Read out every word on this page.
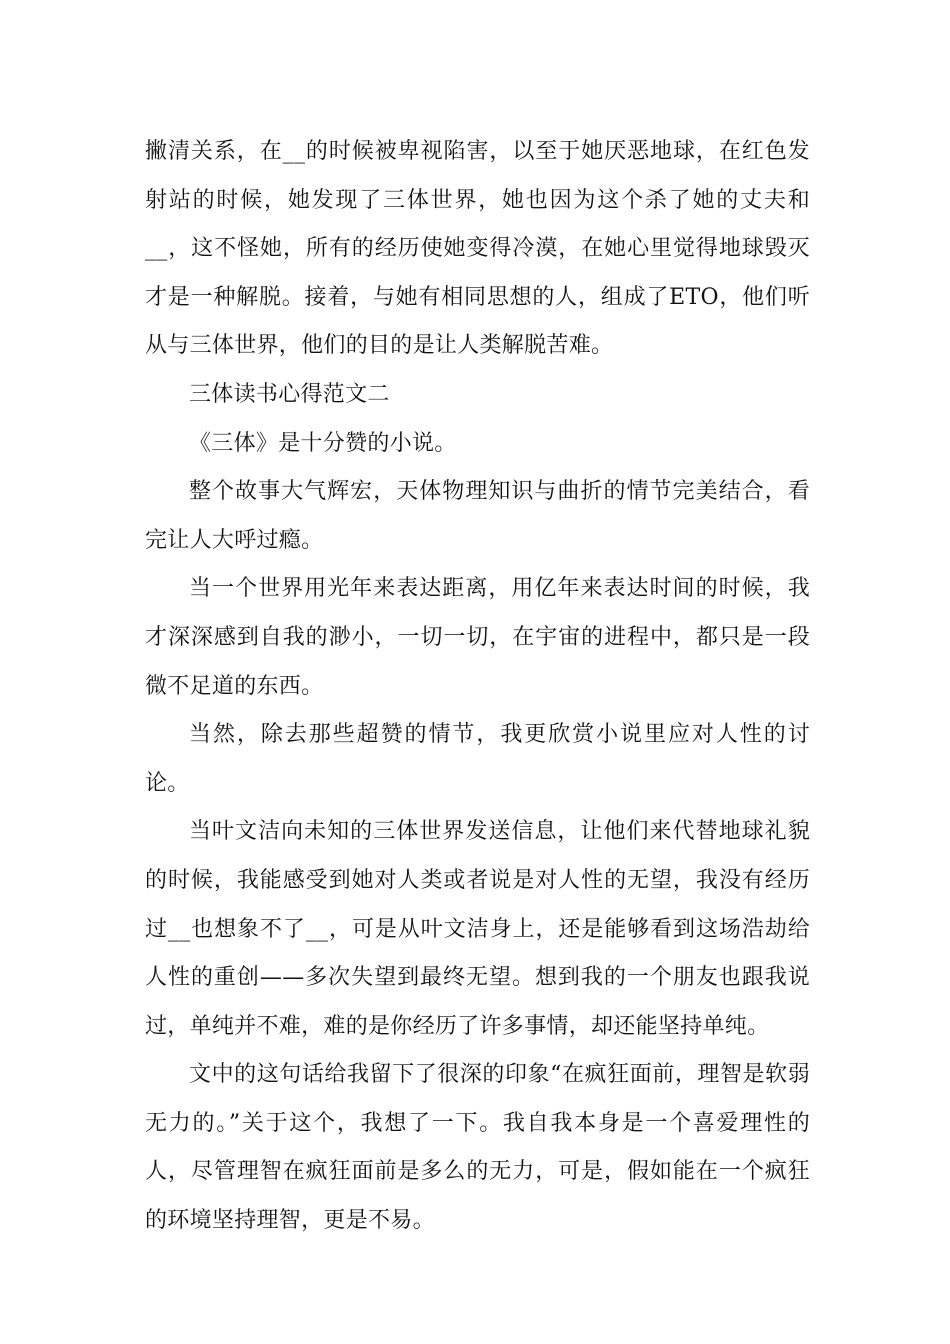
撇清关系，在__的时候被卑视陷害，以至于她厌恶地球，在红色发射站的时候，她发现了三体世界，她也因为这个杀了她的丈夫和__，这不怪她，所有的经历使她变得冷漠，在她心里觉得地球毁灭才是一种解脱。接着，与她有相同思想的人，组成了ETO，他们听从与三体世界，他们的目的是让人类解脱苦难。

三体读书心得范文二

《三体》是十分赞的小说。

整个故事大气辉宏，天体物理知识与曲折的情节完美结合，看完让人大呼过瘾。

当一个世界用光年来表达距离，用亿年来表达时间的时候，我才深深感到自我的渺小，一切一切，在宇宙的进程中，都只是一段微不足道的东西。

当然，除去那些超赞的情节，我更欣赏小说里应对人性的讨论。

当叶文洁向未知的三体世界发送信息，让他们来代替地球礼貌的时候，我能感受到她对人类或者说是对人性的无望，我没有经历过__也想象不了__，可是从叶文洁身上，还是能够看到这场浩劫给人性的重创——多次失望到最终无望。想到我的一个朋友也跟我说过，单纯并不难，难的是你经历了许多事情，却还能坚持单纯。

文中的这句话给我留下了很深的印象“在疯狂面前，理智是软弱无力的。”关于这个，我想了一下。我自我本身是一个喜爱理性的人，尽管理智在疯狂面前是多么的无力，可是，假如能在一个疯狂的环境坚持理智，更是不易。
